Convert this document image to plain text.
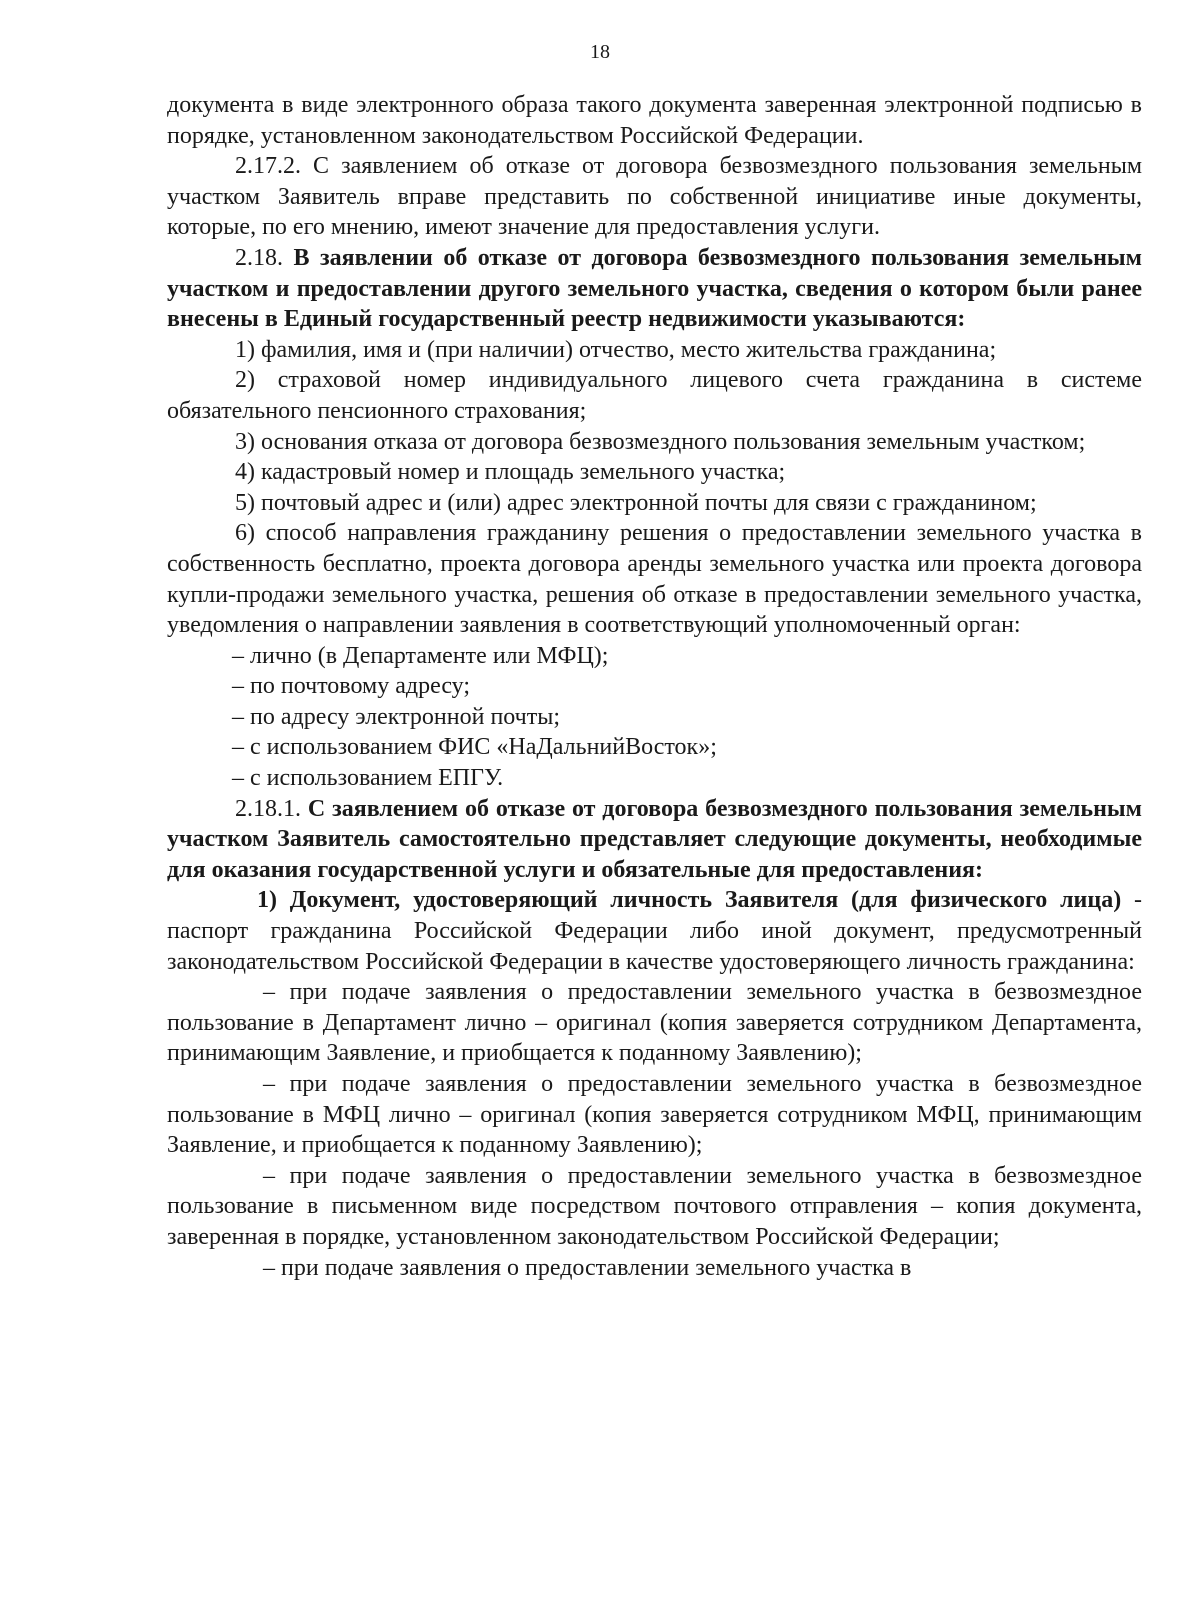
18

документа в виде электронного образа такого документа заверенная электронной подписью в порядке, установленном законодательством Российской Федерации.

2.17.2. С заявлением об отказе от договора безвозмездного пользования земельным участком Заявитель вправе представить по собственной инициативе иные документы, которые, по его мнению, имеют значение для предоставления услуги.

2.18. В заявлении об отказе от договора безвозмездного пользования земельным участком и предоставлении другого земельного участка, сведения о котором были ранее внесены в Единый государственный реестр недвижимости указываются:

1) фамилия, имя и (при наличии) отчество, место жительства гражданина;

2) страховой номер индивидуального лицевого счета гражданина в системе обязательного пенсионного страхования;

3) основания отказа от договора безвозмездного пользования земельным участком;

4) кадастровый номер и площадь земельного участка;

5) почтовый адрес и (или) адрес электронной почты для связи с гражданином;

6) способ направления гражданину решения о предоставлении земельного участка в собственность бесплатно, проекта договора аренды земельного участка или проекта договора купли-продажи земельного участка, решения об отказе в предоставлении земельного участка, уведомления о направлении заявления в соответствующий уполномоченный орган:

– лично (в Департаменте или МФЦ);

– по почтовому адресу;

– по адресу электронной почты;

– с использованием ФИС «НаДальнийВосток»;

– с использованием ЕПГУ.

2.18.1. С заявлением об отказе от договора безвозмездного пользования земельным участком Заявитель самостоятельно представляет следующие документы, необходимые для оказания государственной услуги и обязательные для предоставления:

1) Документ, удостоверяющий личность Заявителя (для физического лица) - паспорт гражданина Российской Федерации либо иной документ, предусмотренный законодательством Российской Федерации в качестве удостоверяющего личность гражданина:

– при подаче заявления о предоставлении земельного участка в безвозмездное пользование в Департамент лично – оригинал (копия заверяется сотрудником Департамента, принимающим Заявление, и приобщается к поданному Заявлению);

– при подаче заявления о предоставлении земельного участка в безвозмездное пользование в МФЦ лично – оригинал (копия заверяется сотрудником МФЦ, принимающим Заявление, и приобщается к поданному Заявлению);

– при подаче заявления о предоставлении земельного участка в безвозмездное пользование в письменном виде посредством почтового отправления – копия документа, заверенная в порядке, установленном законодательством Российской Федерации;

– при подаче заявления о предоставлении земельного участка в
